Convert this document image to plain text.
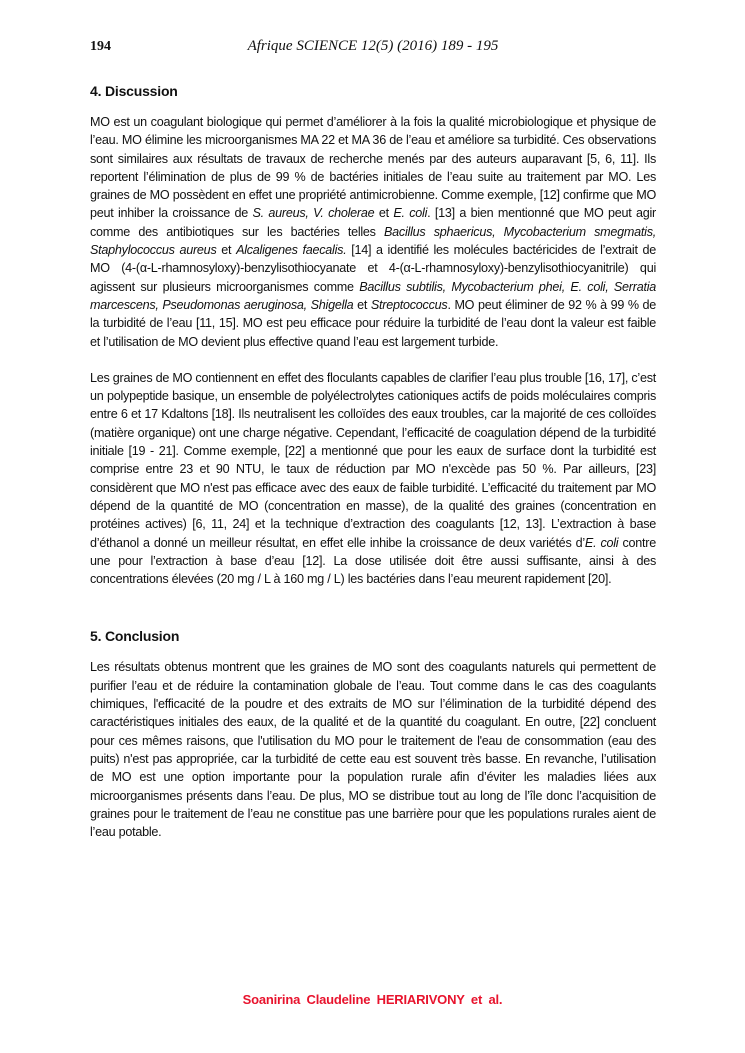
194	Afrique SCIENCE 12(5) (2016) 189 - 195
4. Discussion

MO est un coagulant biologique qui permet d’améliorer à la fois la qualité microbiologique et physique de l’eau. MO élimine les microorganismes MA 22 et MA 36 de l’eau et améliore sa turbidité. Ces observations sont similaires aux résultats de travaux de recherche menés par des auteurs auparavant [5, 6, 11]. Ils reportent l’élimination de plus de 99 % de bactéries initiales de l’eau suite au traitement par MO. Les graines de MO possèdent en effet une propriété antimicrobienne. Comme exemple, [12] confirme que MO peut inhiber la croissance de S. aureus, V. cholerae et E. coli. [13] a bien mentionné que MO peut agir comme des antibiotiques sur les bactéries telles Bacillus sphaericus, Mycobacterium smegmatis, Staphylococcus aureus et Alcaligenes faecalis. [14] a identifié les molécules bactéricides de l’extrait de MO (4-(α-L-rhamnosyloxy)-benzylisothiocyanate et 4-(α-L-rhamnosyloxy)-benzylisothiocyanitrile) qui agissent sur plusieurs microorganismes comme Bacillus subtilis, Mycobacterium phei, E. coli, Serratia marcescens, Pseudomonas aeruginosa, Shigella et Streptococcus. MO peut éliminer de 92 % à 99 % de la turbidité de l’eau [11, 15]. MO est peu efficace pour réduire la turbidité de l’eau dont la valeur est faible et l’utilisation de MO devient plus effective quand l’eau est largement turbide.

Les graines de MO contiennent en effet des floculants capables de clarifier l’eau plus trouble [16, 17], c’est un polypeptide basique, un ensemble de polyélectrolytes cationiques actifs de poids moléculaires compris entre 6 et 17 Kdaltons [18]. Ils neutralisent les colloïdes des eaux troubles, car la majorité de ces colloïdes (matière organique) ont une charge négative. Cependant, l’efficacité de coagulation dépend de la turbidité initiale [19 - 21]. Comme exemple, [22] a mentionné que pour les eaux de surface dont la turbidité est comprise entre 23 et 90 NTU, le taux de réduction par MO n'excède pas 50 %. Par ailleurs, [23] considèrent que MO n'est pas efficace avec des eaux de faible turbidité. L’efficacité du traitement par MO dépend de la quantité de MO (concentration en masse), de la qualité des graines (concentration en protéines actives) [6, 11, 24] et la technique d’extraction des coagulants [12, 13]. L’extraction à base d’éthanol a donné un meilleur résultat, en effet elle inhibe la croissance de deux variétés d’E. coli contre une pour l’extraction à base d’eau [12]. La dose utilisée doit être aussi suffisante, ainsi à des concentrations élevées (20 mg / L à 160 mg / L) les bactéries dans l’eau meurent rapidement [20].

5. Conclusion

Les résultats obtenus montrent que les graines de MO sont des coagulants naturels qui permettent de purifier l’eau et de réduire la contamination globale de l’eau. Tout comme dans le cas des coagulants chimiques, l'efficacité de la poudre et des extraits de MO sur l’élimination de la turbidité dépend des caractéristiques initiales des eaux, de la qualité et de la quantité du coagulant. En outre, [22] concluent pour ces mêmes raisons, que l'utilisation du MO pour le traitement de l'eau de consommation (eau des puits) n'est pas appropriée, car la turbidité de cette eau est souvent très basse. En revanche, l’utilisation de MO est une option importante pour la population rurale afin d’éviter les maladies liées aux microorganismes présents dans l’eau. De plus, MO se distribue tout au long de l’île donc l’acquisition de graines pour le traitement de l’eau ne constitue pas une barrière pour que les populations rurales aient de l’eau potable.

Soanirina Claudeline HERIARIVONY et al.
